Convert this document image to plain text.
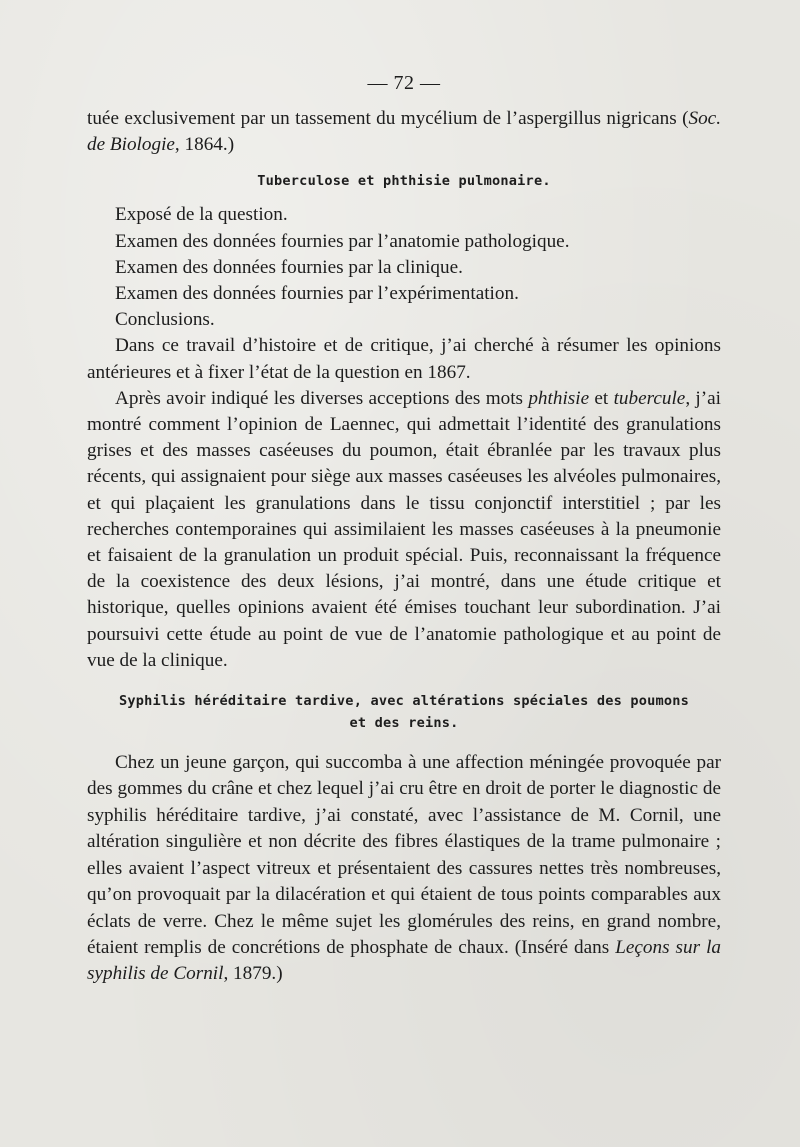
— 72 —

tuée exclusivement par un tassement du mycélium de l’aspergillus nigricans (Soc. de Biologie, 1864.)

Tuberculose et phthisie pulmonaire.
Exposé de la question.
Examen des données fournies par l’anatomie pathologique.
Examen des données fournies par la clinique.
Examen des données fournies par l’expérimentation.
Conclusions.

Dans ce travail d’histoire et de critique, j’ai cherché à résumer les opinions antérieures et à fixer l’état de la question en 1867.

Après avoir indiqué les diverses acceptions des mots phthisie et tubercule, j’ai montré comment l’opinion de Laennec, qui admettait l’identité des granulations grises et des masses caséeuses du poumon, était ébranlée par les travaux plus récents, qui assignaient pour siège aux masses caséeuses les alvéoles pulmonaires, et qui plaçaient les granulations dans le tissu conjonctif interstitiel ; par les recherches contemporaines qui assimilaient les masses caséeuses à la pneumonie et faisaient de la granulation un produit spécial. Puis, reconnaissant la fréquence de la coexistence des deux lésions, j’ai montré, dans une étude critique et historique, quelles opinions avaient été émises touchant leur subordination. J’ai poursuivi cette étude au point de vue de l’anatomie pathologique et au point de vue de la clinique.

Syphilis héréditaire tardive, avec altérations spéciales des poumons
et des reins.

Chez un jeune garçon, qui succomba à une affection méningée provoquée par des gommes du crâne et chez lequel j’ai cru être en droit de porter le diagnostic de syphilis héréditaire tardive, j’ai constaté, avec l’assistance de M. Cornil, une altération singulière et non décrite des fibres élastiques de la trame pulmonaire ; elles avaient l’aspect vitreux et présentaient des cassures nettes très nombreuses, qu’on provoquait par la dilacération et qui étaient de tous points comparables aux éclats de verre. Chez le même sujet les glomérules des reins, en grand nombre, étaient remplis de concrétions de phosphate de chaux. (Inséré dans Leçons sur la syphilis de Cornil, 1879.)
